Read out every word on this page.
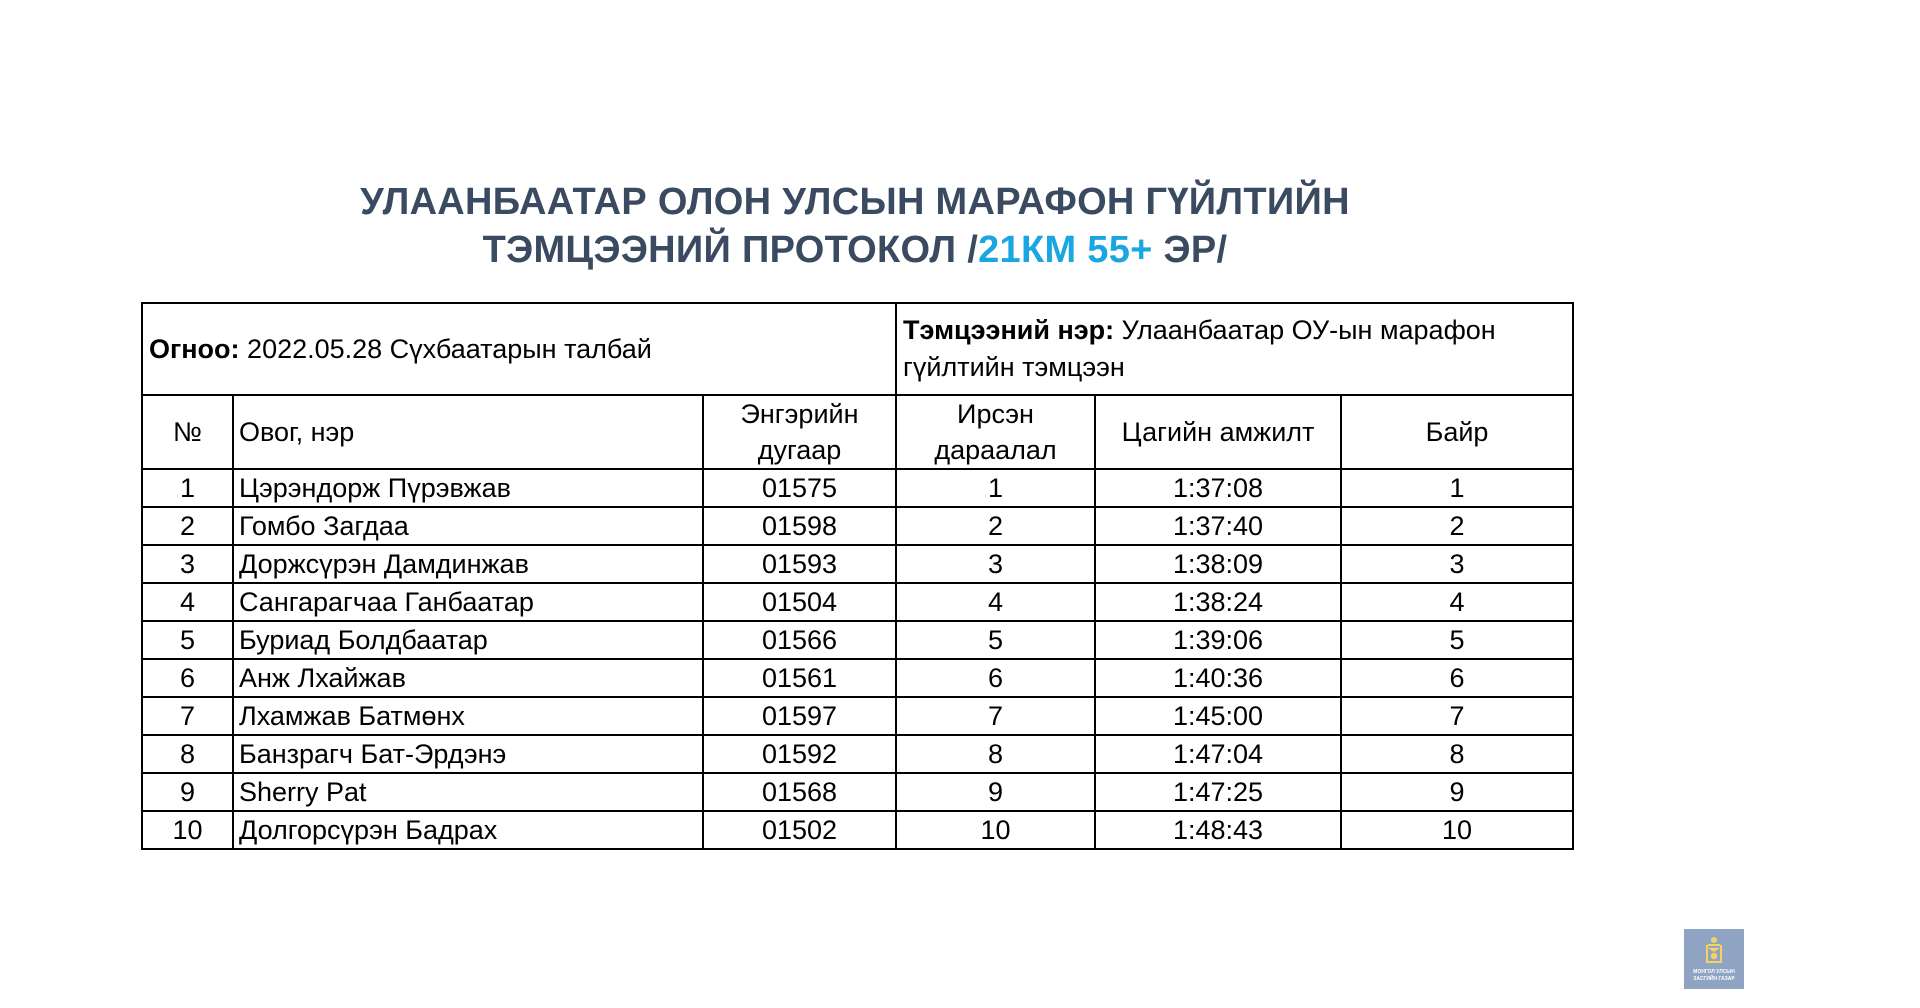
УЛААНБААТАР ОЛОН УЛСЫН МАРАФОН ГҮЙЛТИЙН
ТЭМЦЭЭНИЙ ПРОТОКОЛ /21КМ 55+ ЭР/
Огноо: 2022.05.28 Сүхбаатарын талбай			Тэмцээний нэр: Улаанбаатар ОУ-ын марафон гүйлтийн тэмцээн		
№	Овог, нэр	Энгэрийн дугаар	Ирсэн дараалал	Цагийн амжилт	Байр
1	Цэрэндорж Пүрэвжав	01575	1	1:37:08	1
2	Гомбо Загдаа	01598	2	1:37:40	2
3	Доржсүрэн Дамдинжав	01593	3	1:38:09	3
4	Сангарагчаа Ганбаатар	01504	4	1:38:24	4
5	Буриад Болдбаатар	01566	5	1:39:06	5
6	Анж Лхайжав	01561	6	1:40:36	6
7	Лхамжав Батмөнх	01597	7	1:45:00	7
8	Банзрагч Бат-Эрдэнэ	01592	8	1:47:04	8
9	Sherry Pat	01568	9	1:47:25	9
10	Долгорсүрэн Бадрах	01502	10	1:48:43	10
МОНГОЛ УЛСЫН
ЗАСГИЙН ГАЗАР
